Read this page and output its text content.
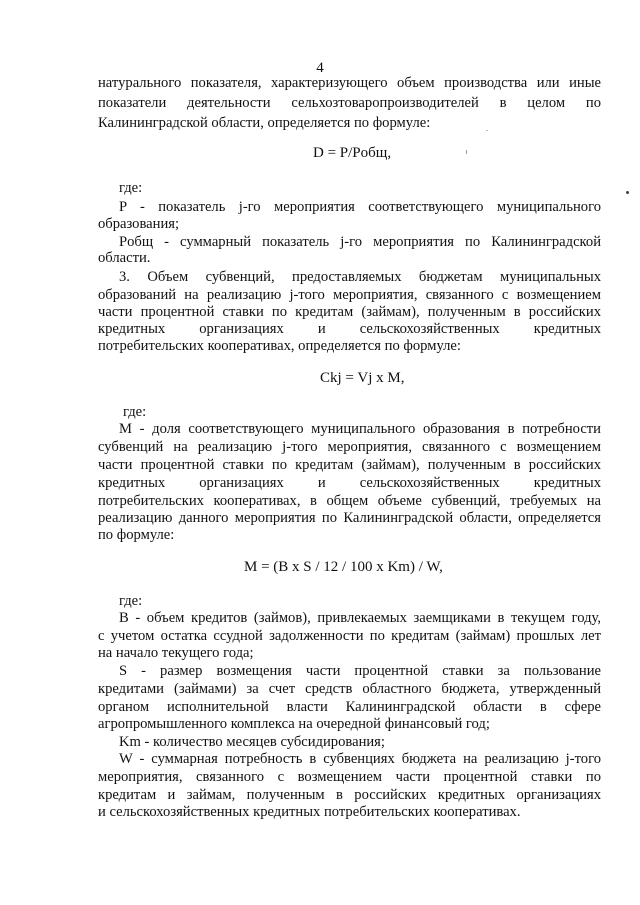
4
натурального показателя, характеризующего объем производства или иные
показатели деятельности сельхозтоваропроизводителей в целом по
Калининградской области, определяется по формуле:
D = P/Pобщ,
где:
P - показатель j-го мероприятия соответствующего муниципального
образования;
Pобщ - суммарный показатель j-го мероприятия по Калининградской
области.
3. Объем субвенций, предоставляемых бюджетам муниципальных
образований на реализацию j-того мероприятия, связанного с возмещением
части процентной ставки по кредитам (займам), полученным в российских
кредитных организациях и сельскохозяйственных кредитных
потребительских кооперативах, определяется по формуле:
Ckj = Vj x M,
где:
M - доля соответствующего муниципального образования в потребности
субвенций на реализацию j-того мероприятия, связанного с возмещением
части процентной ставки по кредитам (займам), полученным в российских
кредитных организациях и сельскохозяйственных кредитных
потребительских кооперативах, в общем объеме субвенций, требуемых на
реализацию данного мероприятия по Калининградской области, определяется
по формуле:
M = (B x S / 12 / 100 x Km) / W,
где:
B - объем кредитов (займов), привлекаемых заемщиками в текущем году,
с учетом остатка ссудной задолженности по кредитам (займам) прошлых лет
на начало текущего года;
S - размер возмещения части процентной ставки за пользование
кредитами (займами) за счет средств областного бюджета, утвержденный
органом исполнительной власти Калининградской области в сфере
агропромышленного комплекса на очередной финансовый год;
Km - количество месяцев субсидирования;
W - суммарная потребность в субвенциях бюджета на реализацию j-того
мероприятия, связанного с возмещением части процентной ставки по
кредитам и займам, полученным в российских кредитных организациях
и сельскохозяйственных кредитных потребительских кооперативах.
